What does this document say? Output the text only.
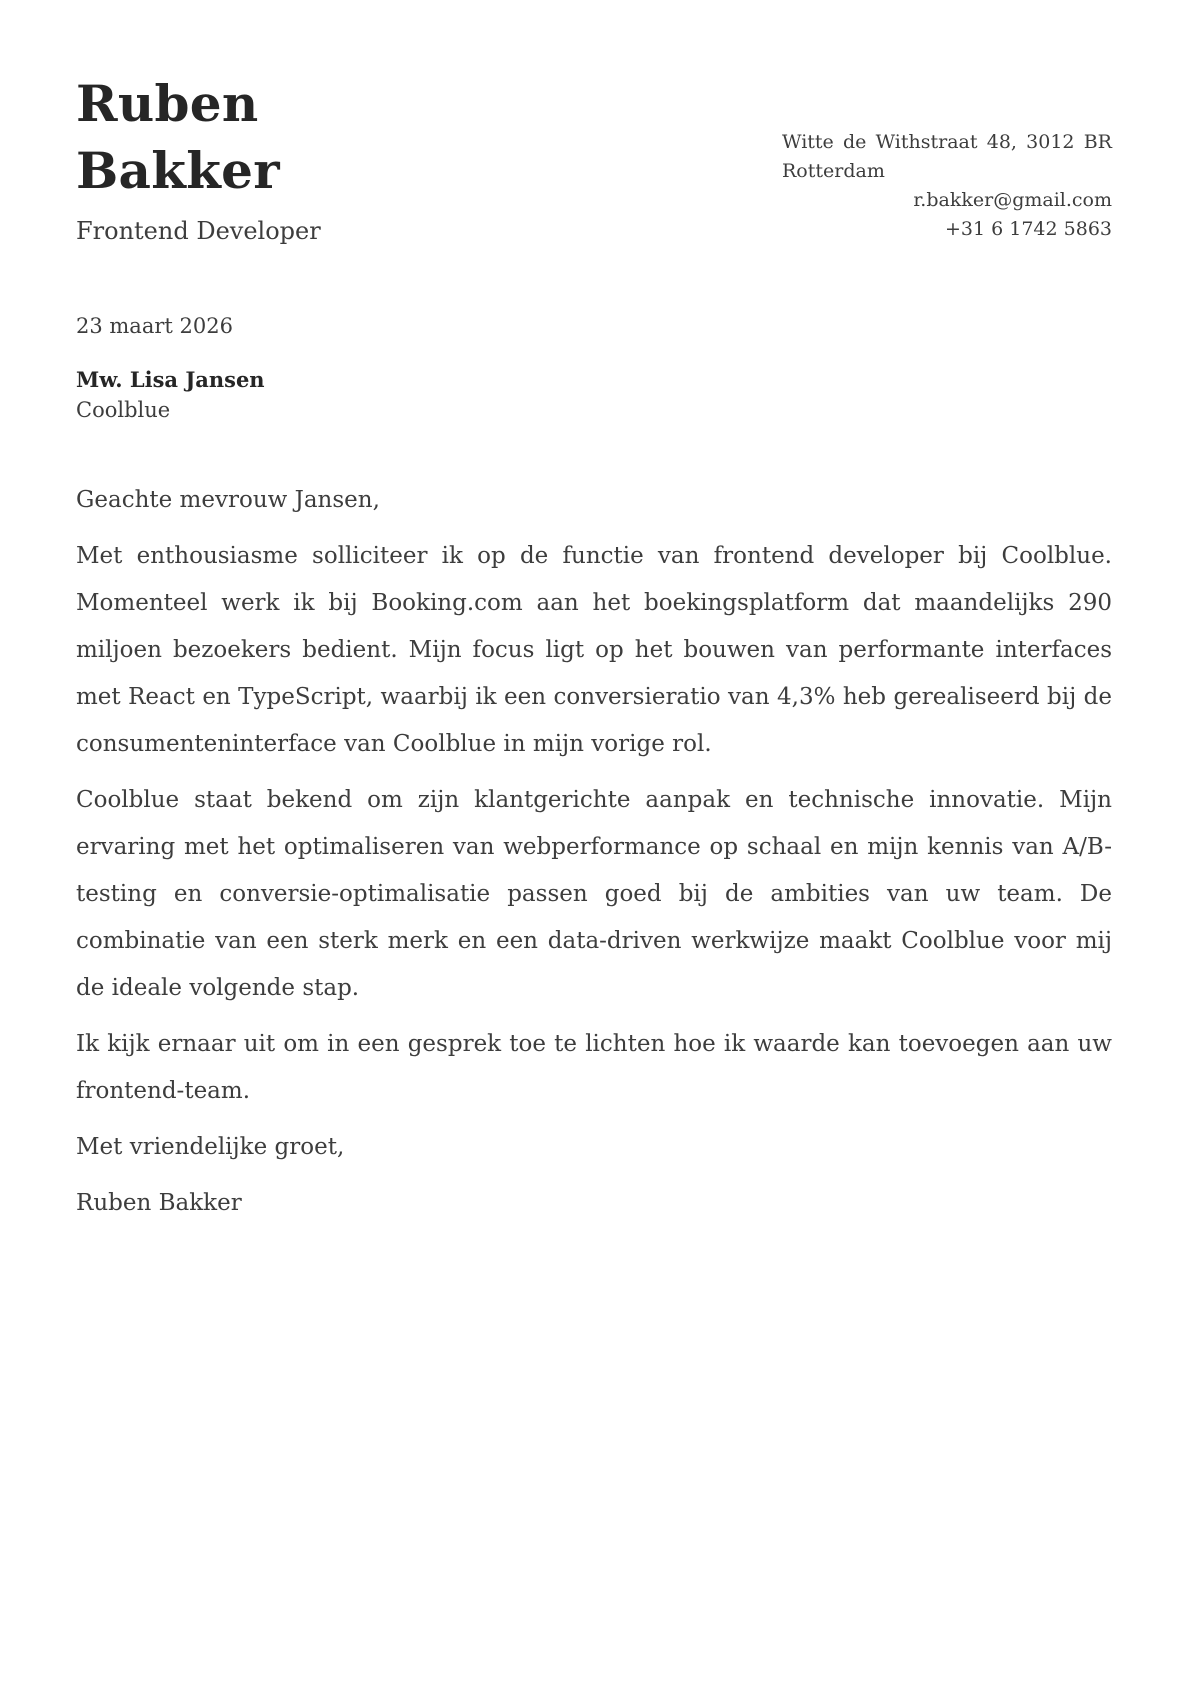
Ruben
Bakker
Frontend Developer
Witte de Withstraat 48, 3012 BR
Rotterdam
r.bakker@gmail.com
+31 6 1742 5863
23 maart 2026
Mw. Lisa Jansen
Coolblue

Geachte mevrouw Jansen,

Met enthousiasme solliciteer ik op de functie van frontend developer bij Coolblue. Momenteel werk ik bij Booking.com aan het boekingsplatform dat maandelijks 290 miljoen bezoekers bedient. Mijn focus ligt op het bouwen van performante interfaces met React en TypeScript, waarbij ik een conversieratio van 4,3% heb gerealiseerd bij de consumenteninterface van Coolblue in mijn vorige rol.

Coolblue staat bekend om zijn klantgerichte aanpak en technische innovatie. Mijn ervaring met het optimaliseren van webperformance op schaal en mijn kennis van A/B-testing en conversie-optimalisatie passen goed bij de ambities van uw team. De combinatie van een sterk merk en een data-driven werkwijze maakt Coolblue voor mij de ideale volgende stap.

Ik kijk ernaar uit om in een gesprek toe te lichten hoe ik waarde kan toevoegen aan uw frontend-team.

Met vriendelijke groet,

Ruben Bakker
